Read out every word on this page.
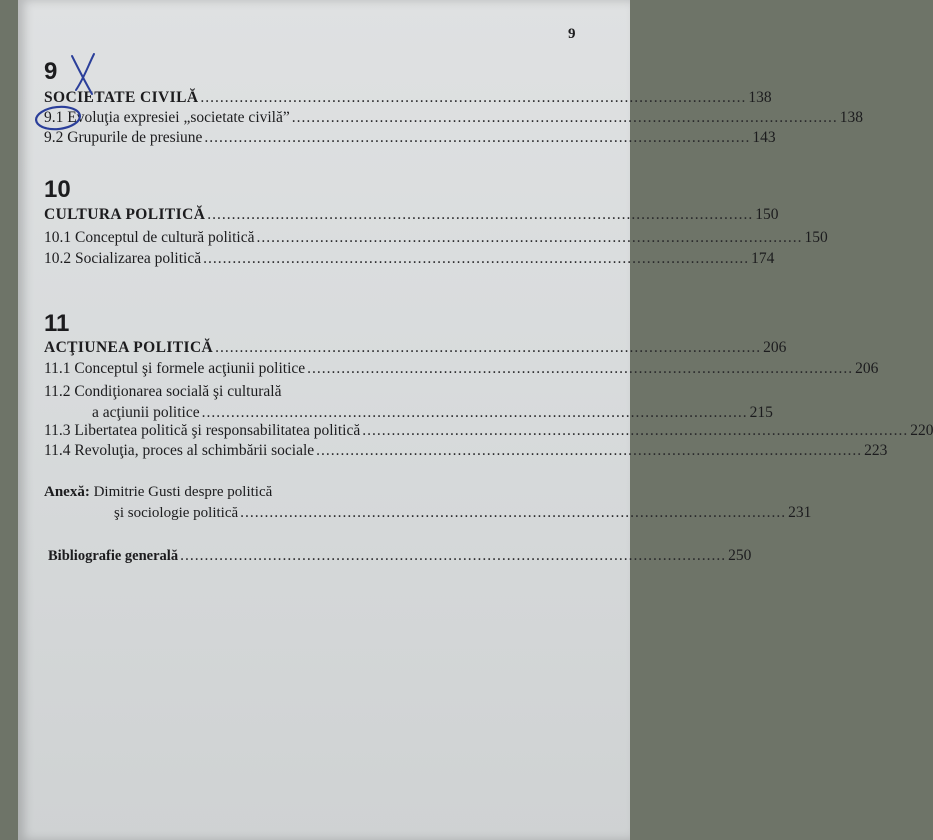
9
9
SOCIETATE CIVILĂ ................................................................................................................ 138
9.1 Evoluţia expresiei „societate civilă” ................................................................................................................ 138
9.2 Grupurile de presiune ................................................................................................................ 143
10
CULTURA POLITICĂ ................................................................................................................ 150
10.1 Conceptul de cultură politică ................................................................................................................ 150
10.2 Socializarea politică ................................................................................................................ 174
11
ACŢIUNEA POLITICĂ ................................................................................................................ 206
11.1 Conceptul şi formele acţiunii politice ................................................................................................................ 206
11.2 Condiţionarea socială şi culturală
a acţiunii politice ................................................................................................................ 215
11.3 Libertatea politică şi responsabilitatea politică ................................................................................................................ 220
11.4 Revoluţia, proces al schimbării sociale ................................................................................................................ 223
Anexă: Dimitrie Gusti despre politică
şi sociologie politică ................................................................................................................ 231
Bibliografie generală ................................................................................................................ 250
